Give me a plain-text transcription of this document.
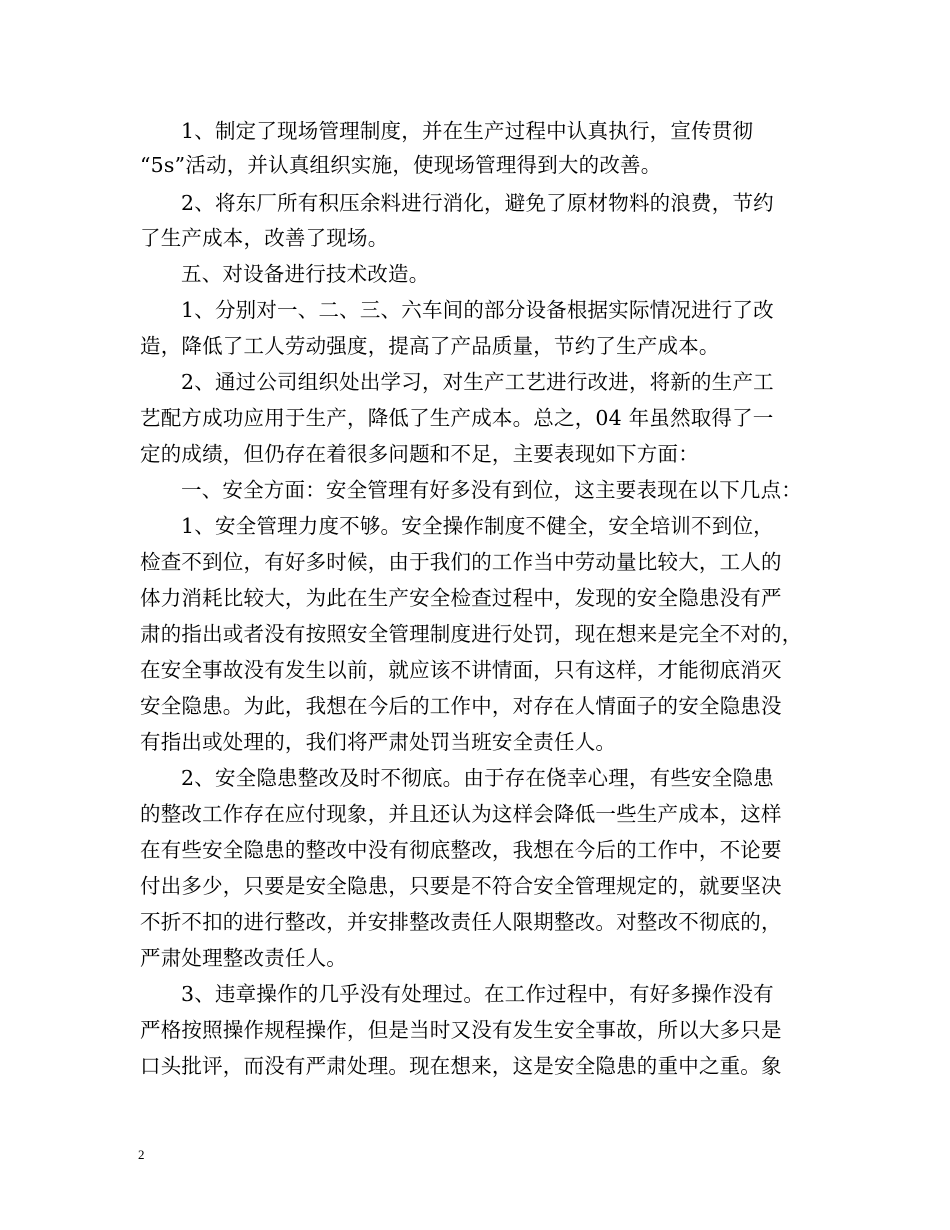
1、制定了现场管理制度，并在生产过程中认真执行，宣传贯彻
“5s”活动，并认真组织实施，使现场管理得到大的改善。
2、将东厂所有积压余料进行消化，避免了原材物料的浪费，节约
了生产成本，改善了现场。
五、对设备进行技术改造。
1、分别对一、二、三、六车间的部分设备根据实际情况进行了改
造，降低了工人劳动强度，提高了产品质量，节约了生产成本。
2、通过公司组织处出学习，对生产工艺进行改进，将新的生产工
艺配方成功应用于生产，降低了生产成本。总之，04 年虽然取得了一
定的成绩，但仍存在着很多问题和不足，主要表现如下方面：
一、安全方面：安全管理有好多没有到位，这主要表现在以下几点：
1、安全管理力度不够。安全操作制度不健全，安全培训不到位，
检查不到位，有好多时候，由于我们的工作当中劳动量比较大，工人的
体力消耗比较大，为此在生产安全检查过程中，发现的安全隐患没有严
肃的指出或者没有按照安全管理制度进行处罚，现在想来是完全不对的，
在安全事故没有发生以前，就应该不讲情面，只有这样，才能彻底消灭
安全隐患。为此，我想在今后的工作中，对存在人情面子的安全隐患没
有指出或处理的，我们将严肃处罚当班安全责任人。
2、安全隐患整改及时不彻底。由于存在侥幸心理，有些安全隐患
的整改工作存在应付现象，并且还认为这样会降低一些生产成本，这样
在有些安全隐患的整改中没有彻底整改，我想在今后的工作中，不论要
付出多少，只要是安全隐患，只要是不符合安全管理规定的，就要坚决
不折不扣的进行整改，并安排整改责任人限期整改。对整改不彻底的，
严肃处理整改责任人。
3、违章操作的几乎没有处理过。在工作过程中，有好多操作没有
严格按照操作规程操作，但是当时又没有发生安全事故，所以大多只是
口头批评，而没有严肃处理。现在想来，这是安全隐患的重中之重。象
2
